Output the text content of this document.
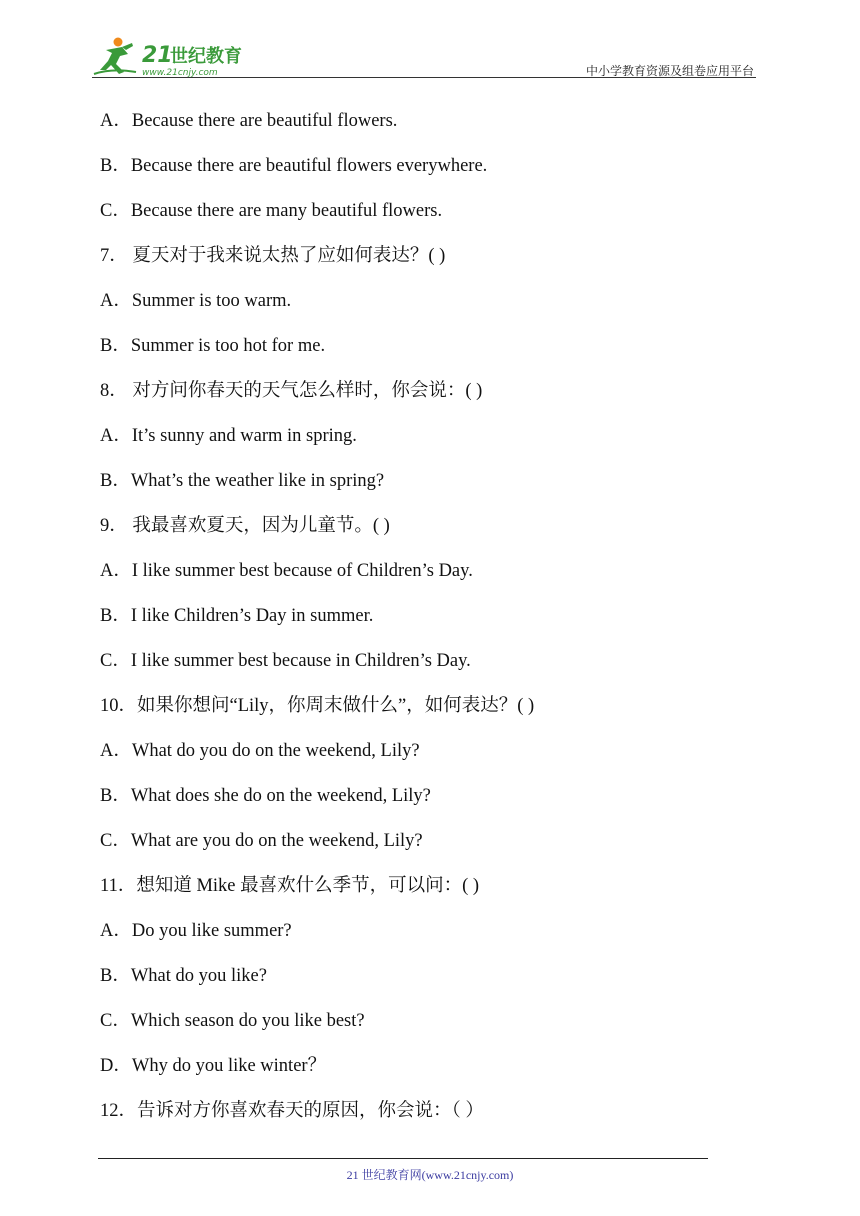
21
世纪教育
www.21cnjy.com	中小学教育资源及组卷应用平台
A．Because there are beautiful flowers.
B．Because there are beautiful flowers everywhere.
C．Because there are many beautiful flowers.
7． 夏天对于我来说太热了应如何表达？( )
A．Summer is too warm.
B．Summer is too hot for me.
8． 对方问你春天的天气怎么样时，你会说：( )
A．It’s sunny and warm in spring.
B．What’s the weather like in spring?
9． 我最喜欢夏天，因为儿童节。( )
A．I like summer best because of Children’s Day.
B．I like Children’s Day in summer.
C．I like summer best because in Children’s Day.
10．如果你想问“Lily，你周末做什么”，如何表达？( )
A．What do you do on the weekend, Lily?
B．What does she do on the weekend, Lily?
C．What are you do on the weekend, Lily?
11．想知道 Mike 最喜欢什么季节，可以问：( )
A．Do you like summer?
B．What do you like?
C．Which season do you like best?
D．Why do you like winter？
12．告诉对方你喜欢春天的原因，你会说：（ ）
21 世纪教育网(www.21cnjy.com)
